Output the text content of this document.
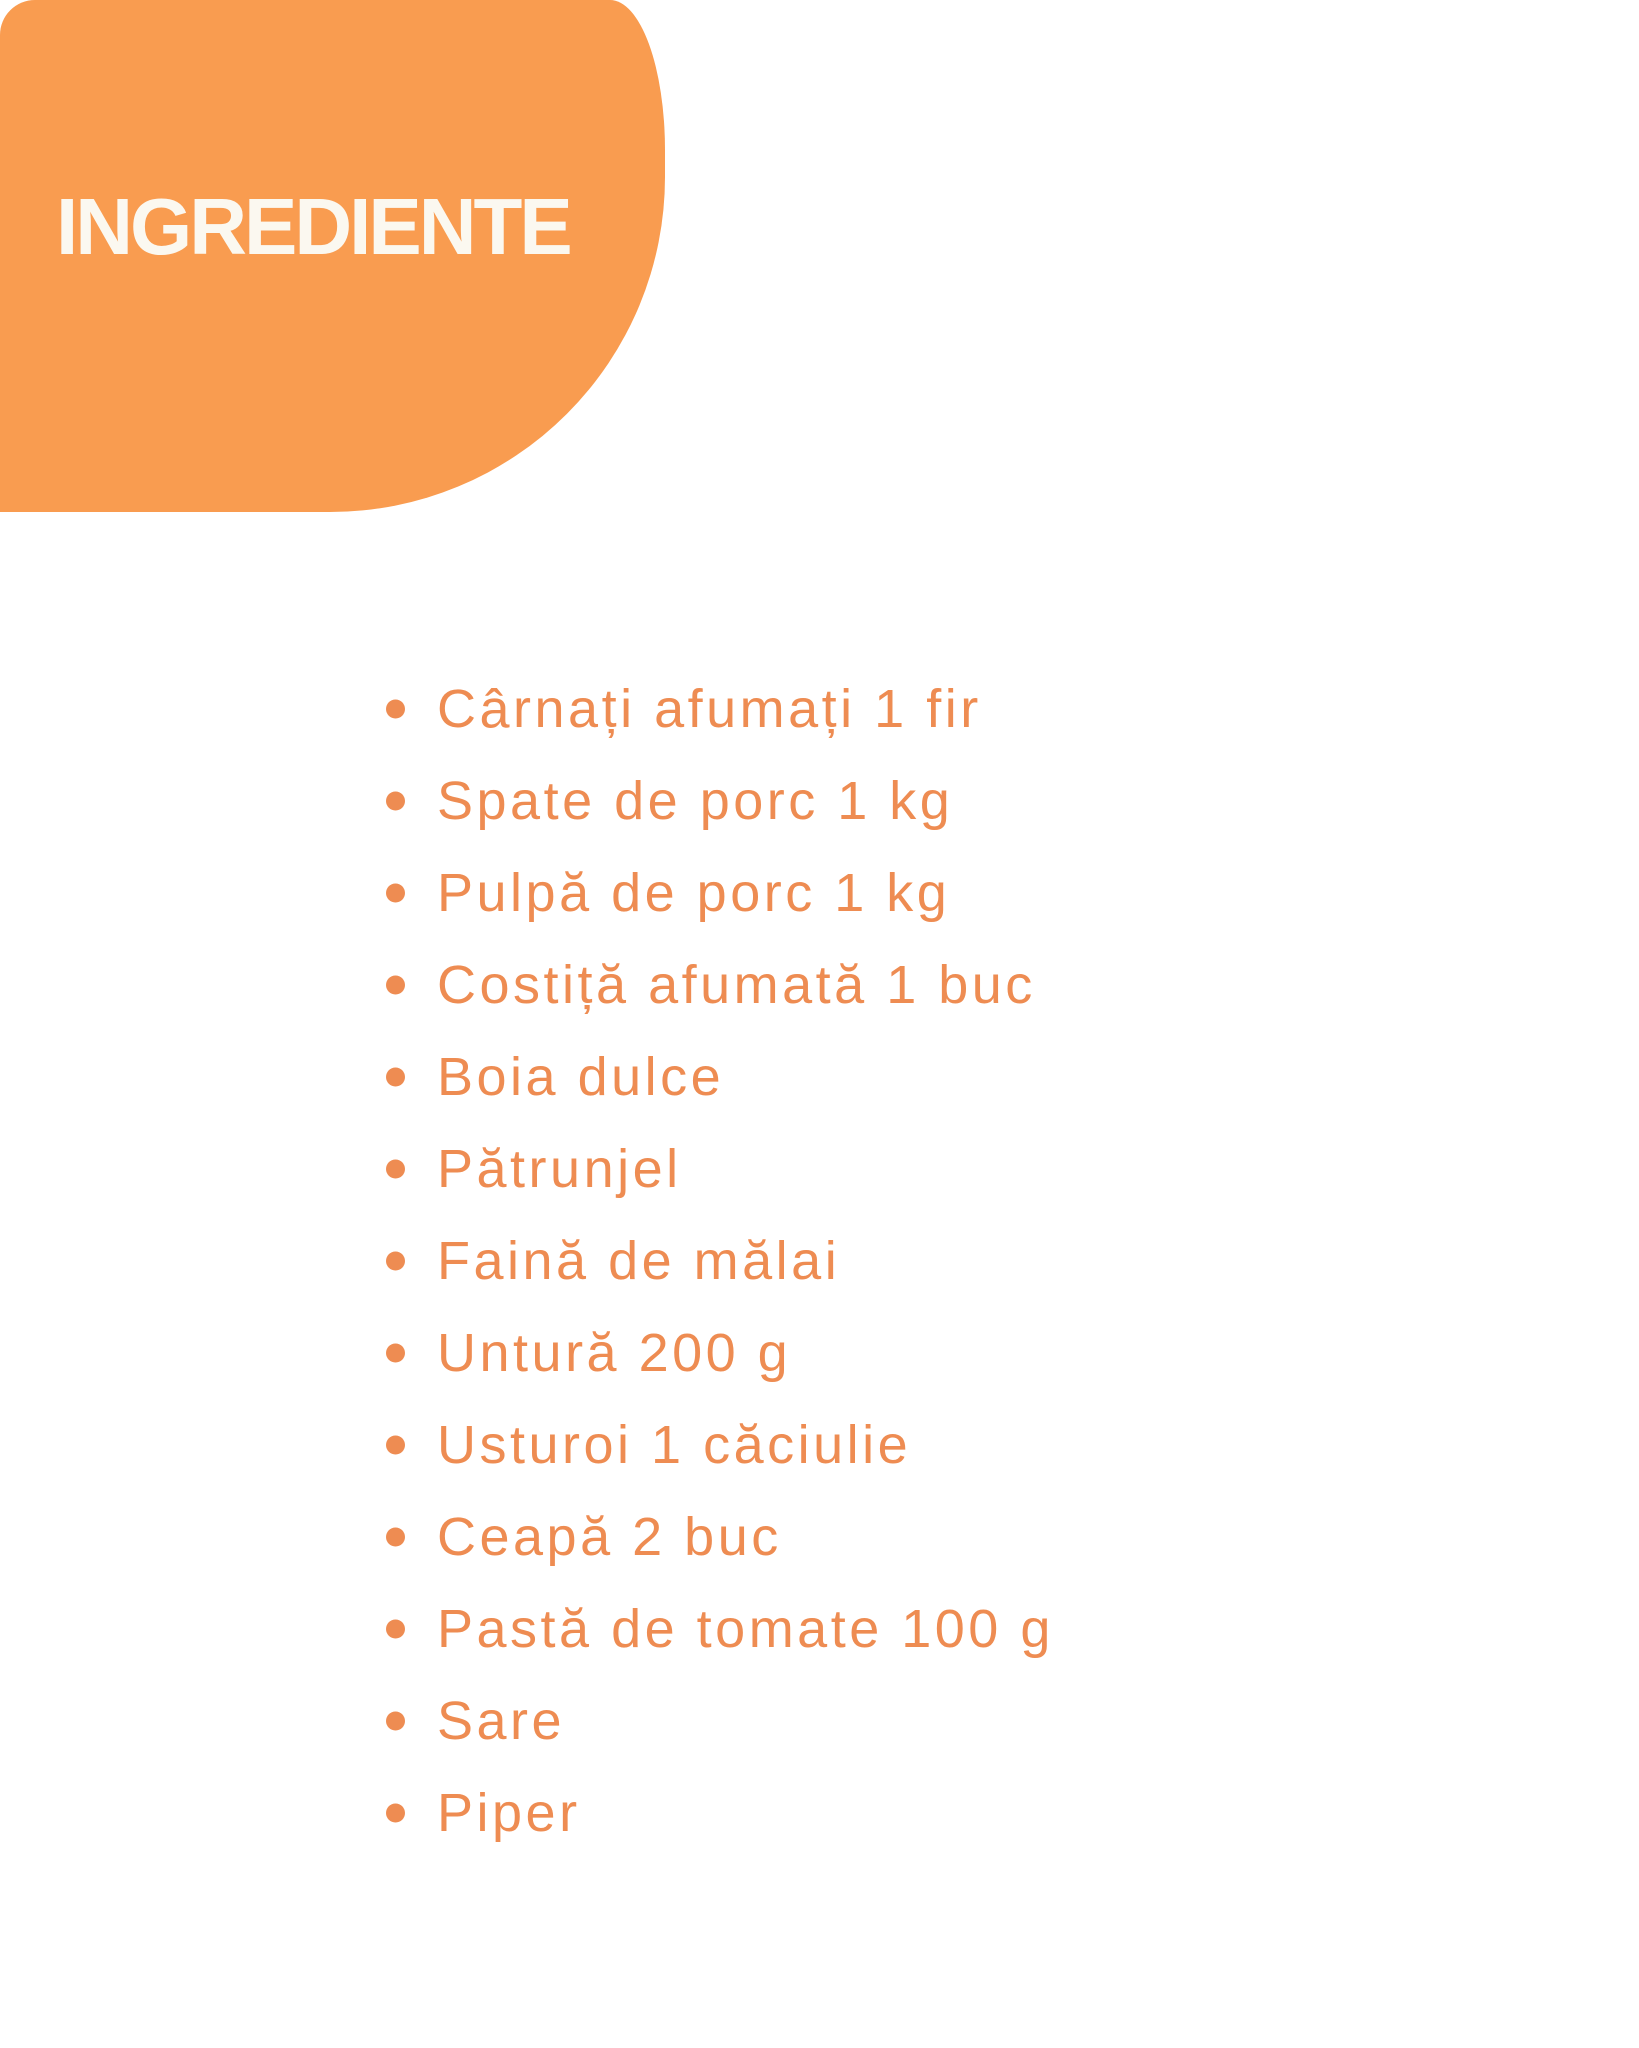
INGREDIENTE
Cârnați afumați 1 fir
Spate de porc 1 kg
Pulpă de porc 1 kg
Costiță afumată 1 buc
Boia dulce
Pătrunjel
Faină de mălai
Untură 200 g
Usturoi 1 căciulie
Ceapă 2 buc
Pastă de tomate 100 g
Sare
Piper
